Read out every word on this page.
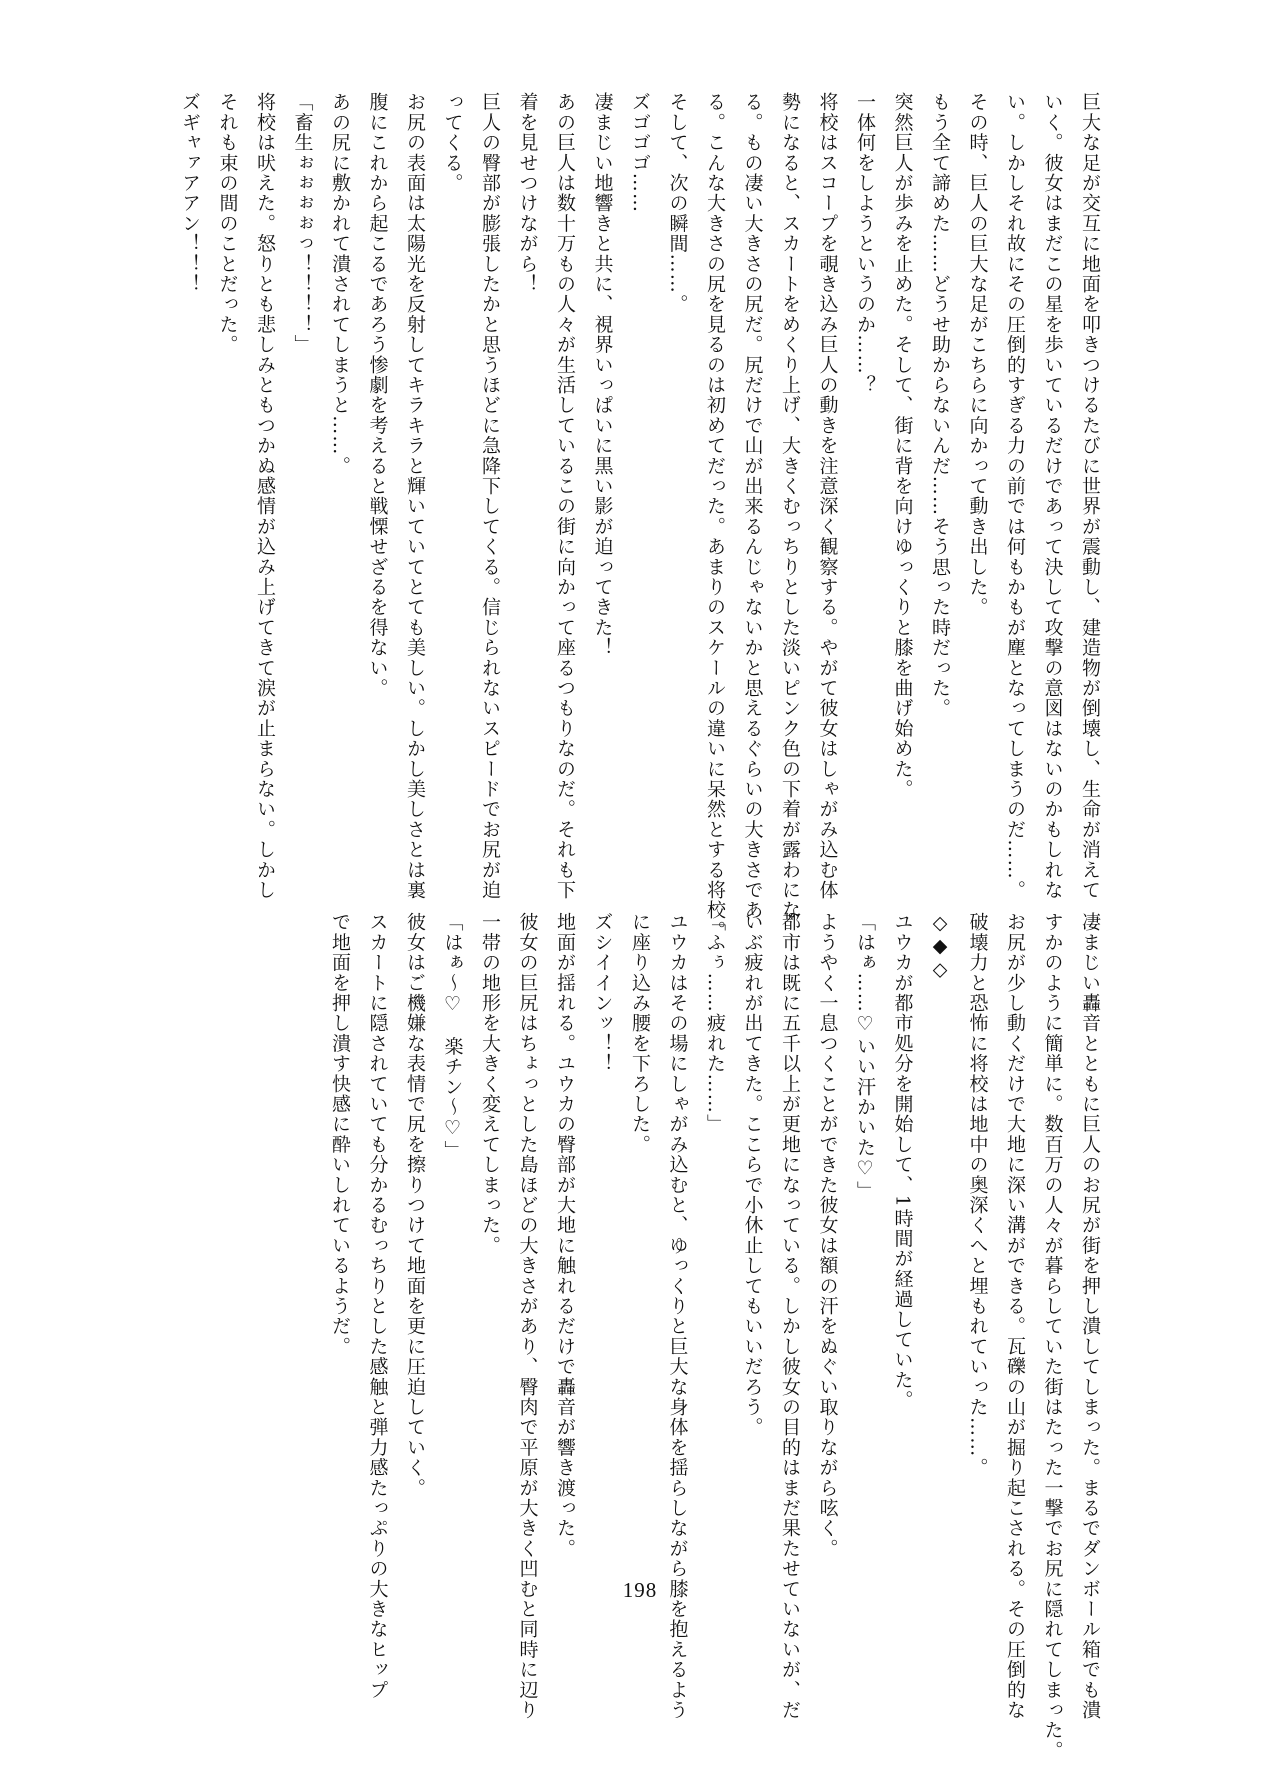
巨大な足が交互に地面を叩きつけるたびに世界が震動し、建造物が倒壊し、生命が消えて
いく。彼女はまだこの星を歩いているだけであって決して攻撃の意図はないのかもしれな
い。しかしそれ故にその圧倒的すぎる力の前では何もかもが塵となってしまうのだ……。
その時、巨人の巨大な足がこちらに向かって動き出した。
もう全て諦めた……どうせ助からないんだ……そう思った時だった。
突然巨人が歩みを止めた。そして、街に背を向けゆっくりと膝を曲げ始めた。
一体何をしようというのか……？
将校はスコープを覗き込み巨人の動きを注意深く観察する。やがて彼女はしゃがみ込む体
勢になると、スカートをめくり上げ、大きくむっちりとした淡いピンク色の下着が露わにな
る。もの凄い大きさの尻だ。尻だけで山が出来るんじゃないかと思えるぐらいの大きさであ
る。こんな大きさの尻を見るのは初めてだった。あまりのスケールの違いに呆然とする将校。
そして、次の瞬間……。
ズゴゴゴ……
凄まじい地響きと共に、視界いっぱいに黒い影が迫ってきた！
あの巨人は数十万もの人々が生活しているこの街に向かって座るつもりなのだ。それも下
着を見せつけながら！
巨人の臀部が膨張したかと思うほどに急降下してくる。信じられないスピードでお尻が迫
ってくる。
お尻の表面は太陽光を反射してキラキラと輝いていてとても美しい。しかし美しさとは裏
腹にこれから起こるであろう惨劇を考えると戦慄せざるを得ない。
あの尻に敷かれて潰されてしまうと……。
「畜生ぉぉぉぉっ！！！！」
将校は吠えた。怒りとも悲しみともつかぬ感情が込み上げてきて涙が止まらない。しかし
それも束の間のことだった。
ズギャァアアン！！！
凄まじい轟音とともに巨人のお尻が街を押し潰してしまった。まるでダンボール箱でも潰
すかのように簡単に。数百万の人々が暮らしていた街はたった一撃でお尻に隠れてしまった。
お尻が少し動くだけで大地に深い溝ができる。瓦礫の山が掘り起こされる。その圧倒的な
破壊力と恐怖に将校は地中の奥深くへと埋もれていった……。
◇◆◇
ユウカが都市処分を開始して、1時間が経過していた。
「はぁ……♡いい汗かいた♡」
ようやく一息つくことができた彼女は額の汗をぬぐい取りながら呟く。
都市は既に五千以上が更地になっている。しかし彼女の目的はまだ果たせていないが、だ
いぶ疲れが出てきた。ここらで小休止してもいいだろう。
「ふぅ……疲れた……」
ユウカはその場にしゃがみ込むと、ゆっくりと巨大な身体を揺らしながら膝を抱えるよう
に座り込み腰を下ろした。
ズシイインッ！！
地面が揺れる。ユウカの臀部が大地に触れるだけで轟音が響き渡った。
彼女の巨尻はちょっとした島ほどの大きさがあり、臀肉で平原が大きく凹むと同時に辺り
一帯の地形を大きく変えてしまった。
「はぁ～♡　楽チン～♡」
彼女はご機嫌な表情で尻を擦りつけて地面を更に圧迫していく。
スカートに隠されていても分かるむっちりとした感触と弾力感たっぷりの大きなヒップ
で地面を押し潰す快感に酔いしれているようだ。
198
